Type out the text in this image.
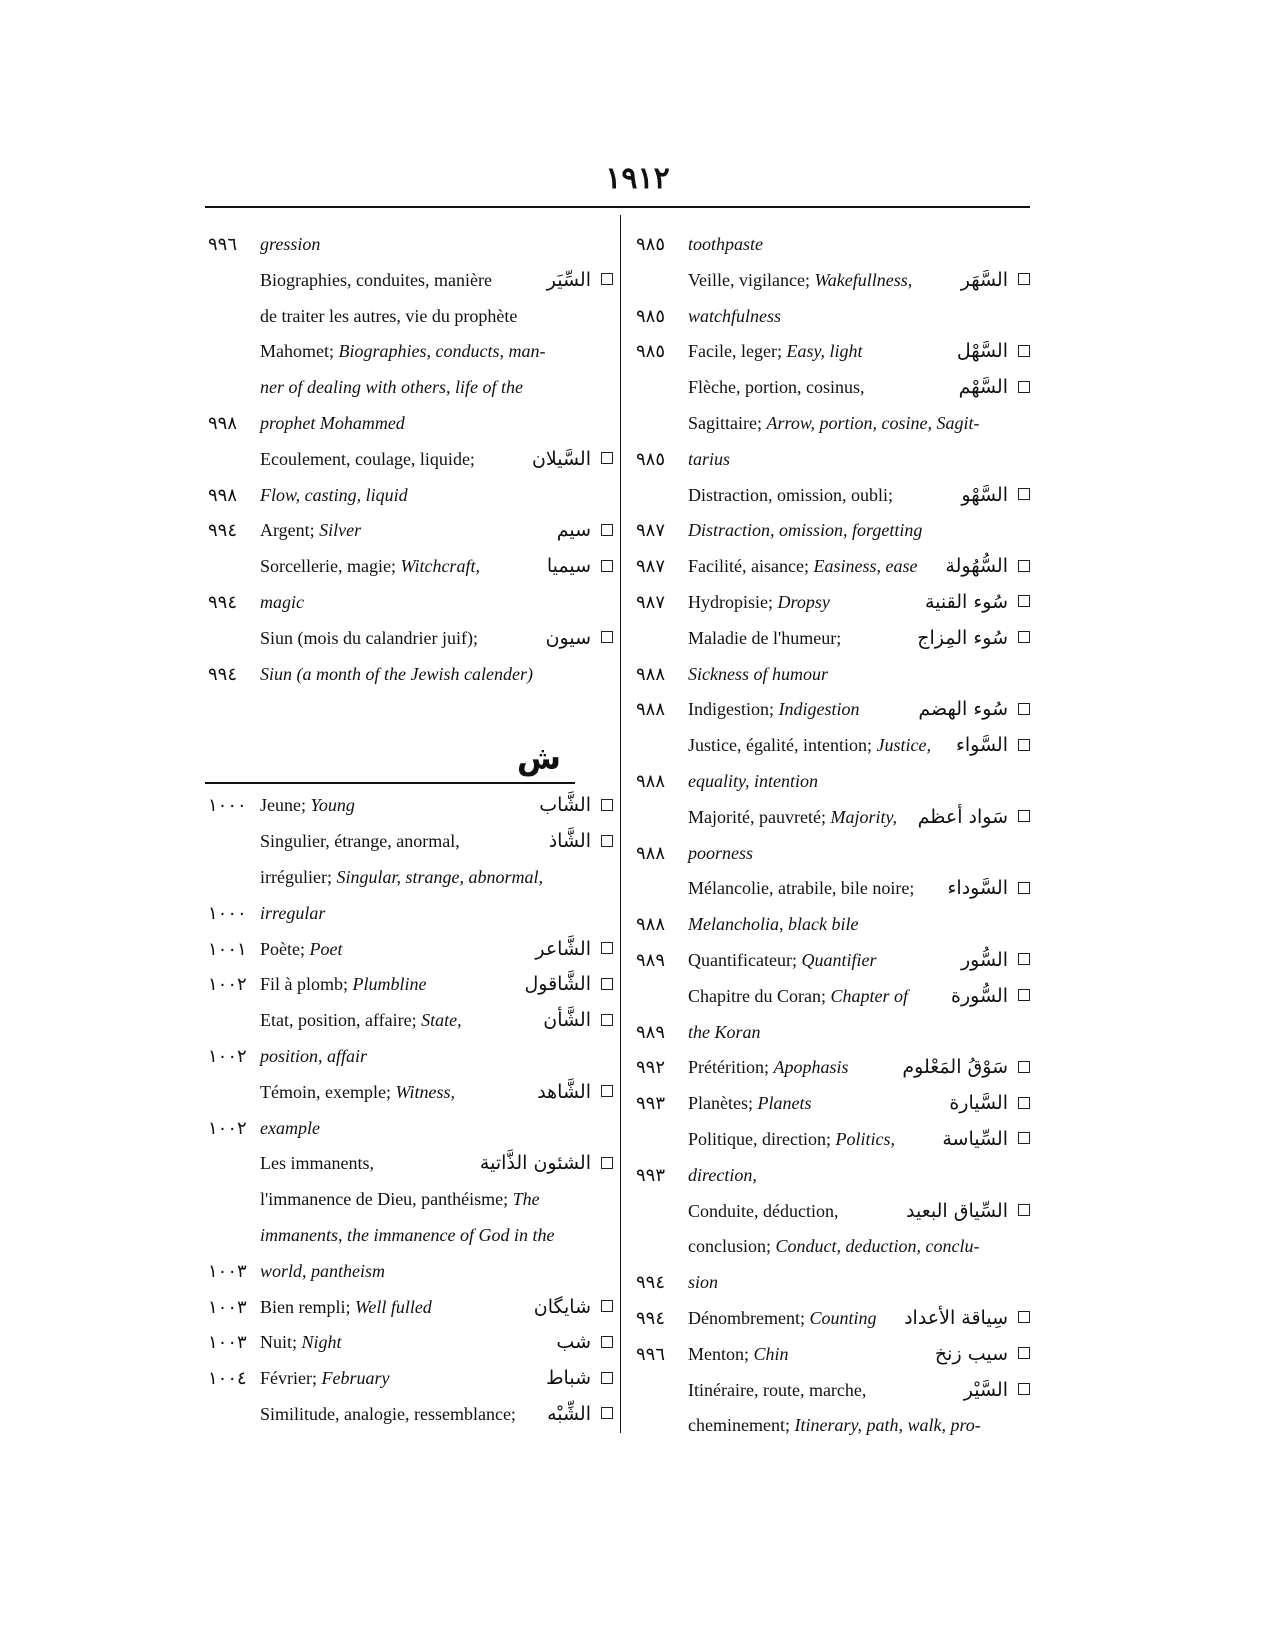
١٩١٢
٩٩٦ gression
Biographies, conduites, manière	السِّيَر
de traiter les autres, vie du prophète
Mahomet; Biographies, conducts, man-
ner of dealing with others, life of the
٩٩٨ prophet Mohammed
Ecoulement, coulage, liquide;	السَّيلان
٩٩٨ Flow, casting, liquid
٩٩٤ Argent; Silver	سيم
Sorcellerie, magie; Witchcraft,	سيميا
٩٩٤ magic
Siun (mois du calandrier juif);	سيون
٩٩٤ Siun (a month of the Jewish calender)
ش
١٠٠٠ Jeune; Young	الشَّاب
Singulier, étrange, anormal,	الشَّاذ
irrégulier; Singular, strange, abnormal,
١٠٠٠ irregular
١٠٠١ Poète; Poet	الشَّاعر
١٠٠٢ Fil à plomb; Plumbline	الشَّاقول
Etat, position, affaire; State,	الشَّأن
١٠٠٢ position, affair
Témoin, exemple; Witness,	الشَّاهد
١٠٠٢ example
Les immanents,	الشئون الذَّاتية
l'immanence de Dieu, panthéisme; The
immanents, the immanence of God in the
١٠٠٣ world, pantheism
١٠٠٣ Bien rempli; Well fulled	شايگان
١٠٠٣ Nuit; Night	شب
١٠٠٤ Février; February	شباط
Similitude, analogie, ressemblance; الشِّبْه
٩٨٥ toothpaste
Veille, vigilance; Wakefullness,	السَّهَر
٩٨٥ watchfulness
٩٨٥ Facile, leger; Easy, light	السَّهْل
Flèche, portion, cosinus,	السَّهْم
Sagittaire; Arrow, portion, cosine, Sagit-
٩٨٥ tarius
Distraction, omission, oubli;	السَّهْو
٩٨٧ Distraction, omission, forgetting
٩٨٧ Facilité, aisance; Easiness, ease السُّهُولة
٩٨٧ Hydropisie; Dropsy	سُوء القنية
Maladie de l'humeur;	سُوء المِزاج
٩٨٨ Sickness of humour
٩٨٨ Indigestion; Indigestion	سُوء الهضم
Justice, égalité, intention; Justice, السَّواء
٩٨٨ equality, intention
Majorité, pauvreté; Majority, سَواد أعظم
٩٨٨ poorness
Mélancolie, atrabile, bile noire; السَّوداء
٩٨٨ Melancholia, black bile
٩٨٩ Quantificateur; Quantifier	السُّور
Chapitre du Coran; Chapter of السُّورة
٩٨٩ the Koran
٩٩٢ Prétérition; Apophasis	سَوْقُ المَعْلوم
٩٩٣ Planètes; Planets	السَّيارة
Politique, direction; Politics, السِّياسة
٩٩٣ direction,
Conduite, déduction,	السِّياق البعيد
conclusion; Conduct, deduction, conclu-
٩٩٤ sion
٩٩٤ Dénombrement; Counting سِياقة الأعداد
٩٩٦ Menton; Chin	سيب زنخ
Itinéraire, route, marche,	السَّيْر
cheminement; Itinerary, path, walk, pro-
